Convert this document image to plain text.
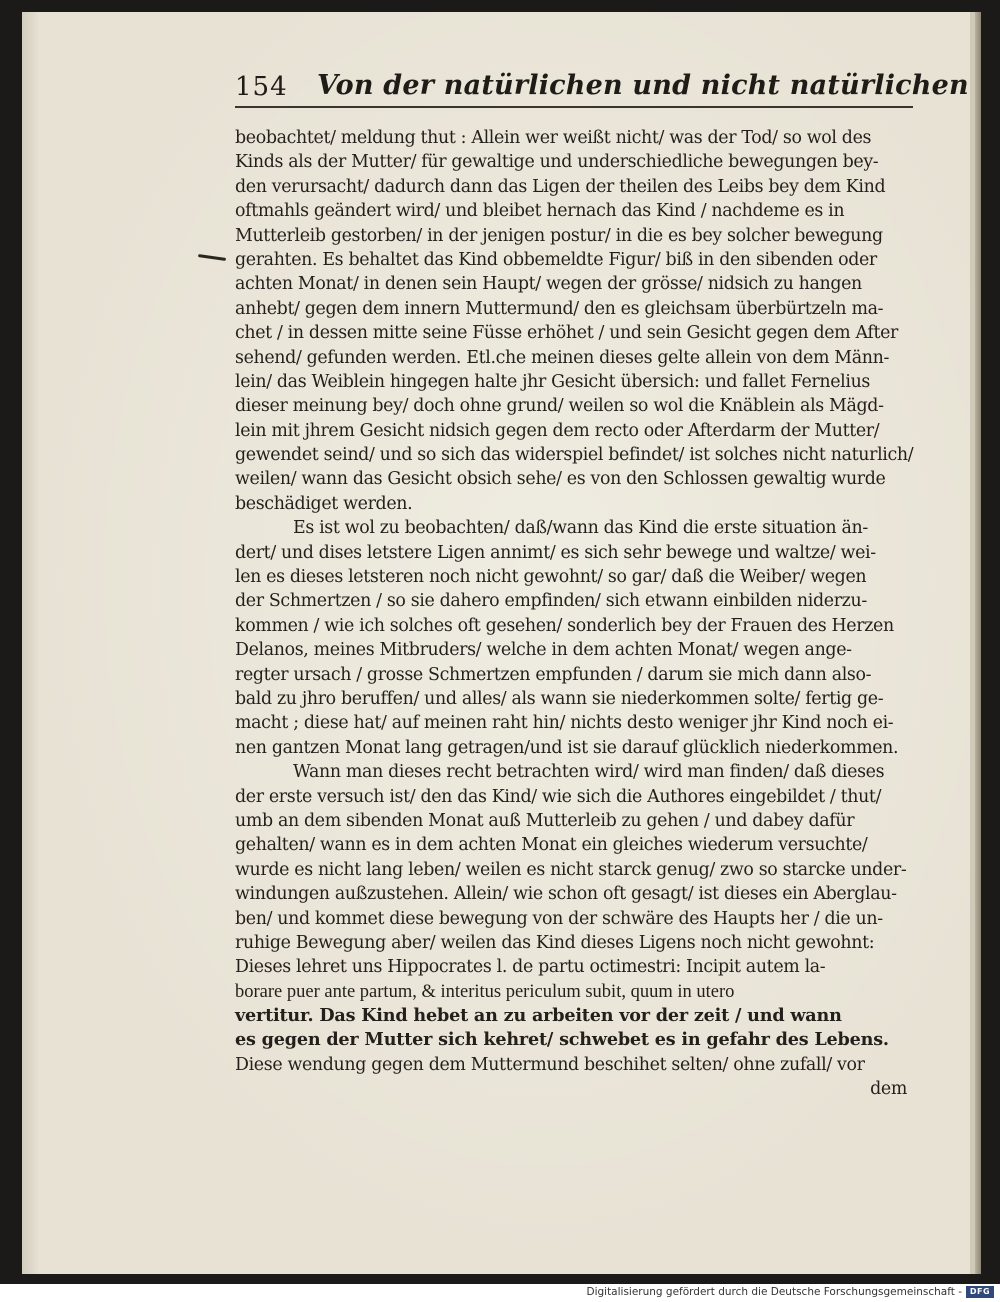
154 Von der natürlichen und nicht natürlichen
beobachtet/ meldung thut : Allein wer weißt nicht/ was der Tod/ so wol des
Kinds als der Mutter/ für gewaltige und underschiedliche bewegungen bey-
den verursacht/ dadurch dann das Ligen der theilen des Leibs bey dem Kind
oftmahls geändert wird/ und bleibet hernach das Kind / nachdeme es in
Mutterleib gestorben/ in der jenigen postur/ in die es bey solcher bewegung
gerahten. Es behaltet das Kind obbemeldte Figur/ biß in den sibenden oder
achten Monat/ in denen sein Haupt/ wegen der grösse/ nidsich zu hangen
anhebt/ gegen dem innern Muttermund/ den es gleichsam überbürtzeln ma-
chet / in dessen mitte seine Füsse erhöhet / und sein Gesicht gegen dem After
sehend/ gefunden werden. Etl.che meinen dieses gelte allein von dem Männ-
lein/ das Weiblein hingegen halte jhr Gesicht übersich: und fallet Fernelius
dieser meinung bey/ doch ohne grund/ weilen so wol die Knäblein als Mägd-
lein mit jhrem Gesicht nidsich gegen dem recto oder Afterdarm der Mutter/
gewendet seind/ und so sich das widerspiel befindet/ ist solches nicht naturlich/
weilen/ wann das Gesicht obsich sehe/ es von den Schlossen gewaltig wurde
beschädiget werden.
Es ist wol zu beobachten/ daß/wann das Kind die erste situation än-
dert/ und dises letstere Ligen annimt/ es sich sehr bewege und waltze/ wei-
len es dieses letsteren noch nicht gewohnt/ so gar/ daß die Weiber/ wegen
der Schmertzen / so sie dahero empfinden/ sich etwann einbilden niderzu-
kommen / wie ich solches oft gesehen/ sonderlich bey der Frauen des Herzen
Delanos, meines Mitbruders/ welche in dem achten Monat/ wegen ange-
regter ursach / grosse Schmertzen empfunden / darum sie mich dann also-
bald zu jhro beruffen/ und alles/ als wann sie niederkommen solte/ fertig ge-
macht ; diese hat/ auf meinen raht hin/ nichts desto weniger jhr Kind noch ei-
nen gantzen Monat lang getragen/und ist sie darauf glücklich niederkommen.
Wann man dieses recht betrachten wird/ wird man finden/ daß dieses
der erste versuch ist/ den das Kind/ wie sich die Authores eingebildet / thut/
umb an dem sibenden Monat auß Mutterleib zu gehen / und dabey dafür
gehalten/ wann es in dem achten Monat ein gleiches wiederum versuchte/
wurde es nicht lang leben/ weilen es nicht starck genug/ zwo so starcke under-
windungen außzustehen. Allein/ wie schon oft gesagt/ ist dieses ein Aberglau-
ben/ und kommet diese bewegung von der schwäre des Haupts her / die un-
ruhige Bewegung aber/ weilen das Kind dieses Ligens noch nicht gewohnt:
Dieses lehret uns Hippocrates l. de partu octimestri: Incipit autem la-
borare puer ante partum, & interitus periculum subit, quum in utero
vertitur. Das Kind hebet an zu arbeiten vor der zeit / und wann
es gegen der Mutter sich kehret/ schwebet es in gefahr des Lebens.
Diese wendung gegen dem Muttermund beschihet selten/ ohne zufall/ vor
dem
Digitalisierung gefördert durch die Deutsche Forschungsgemeinschaft - DFG
